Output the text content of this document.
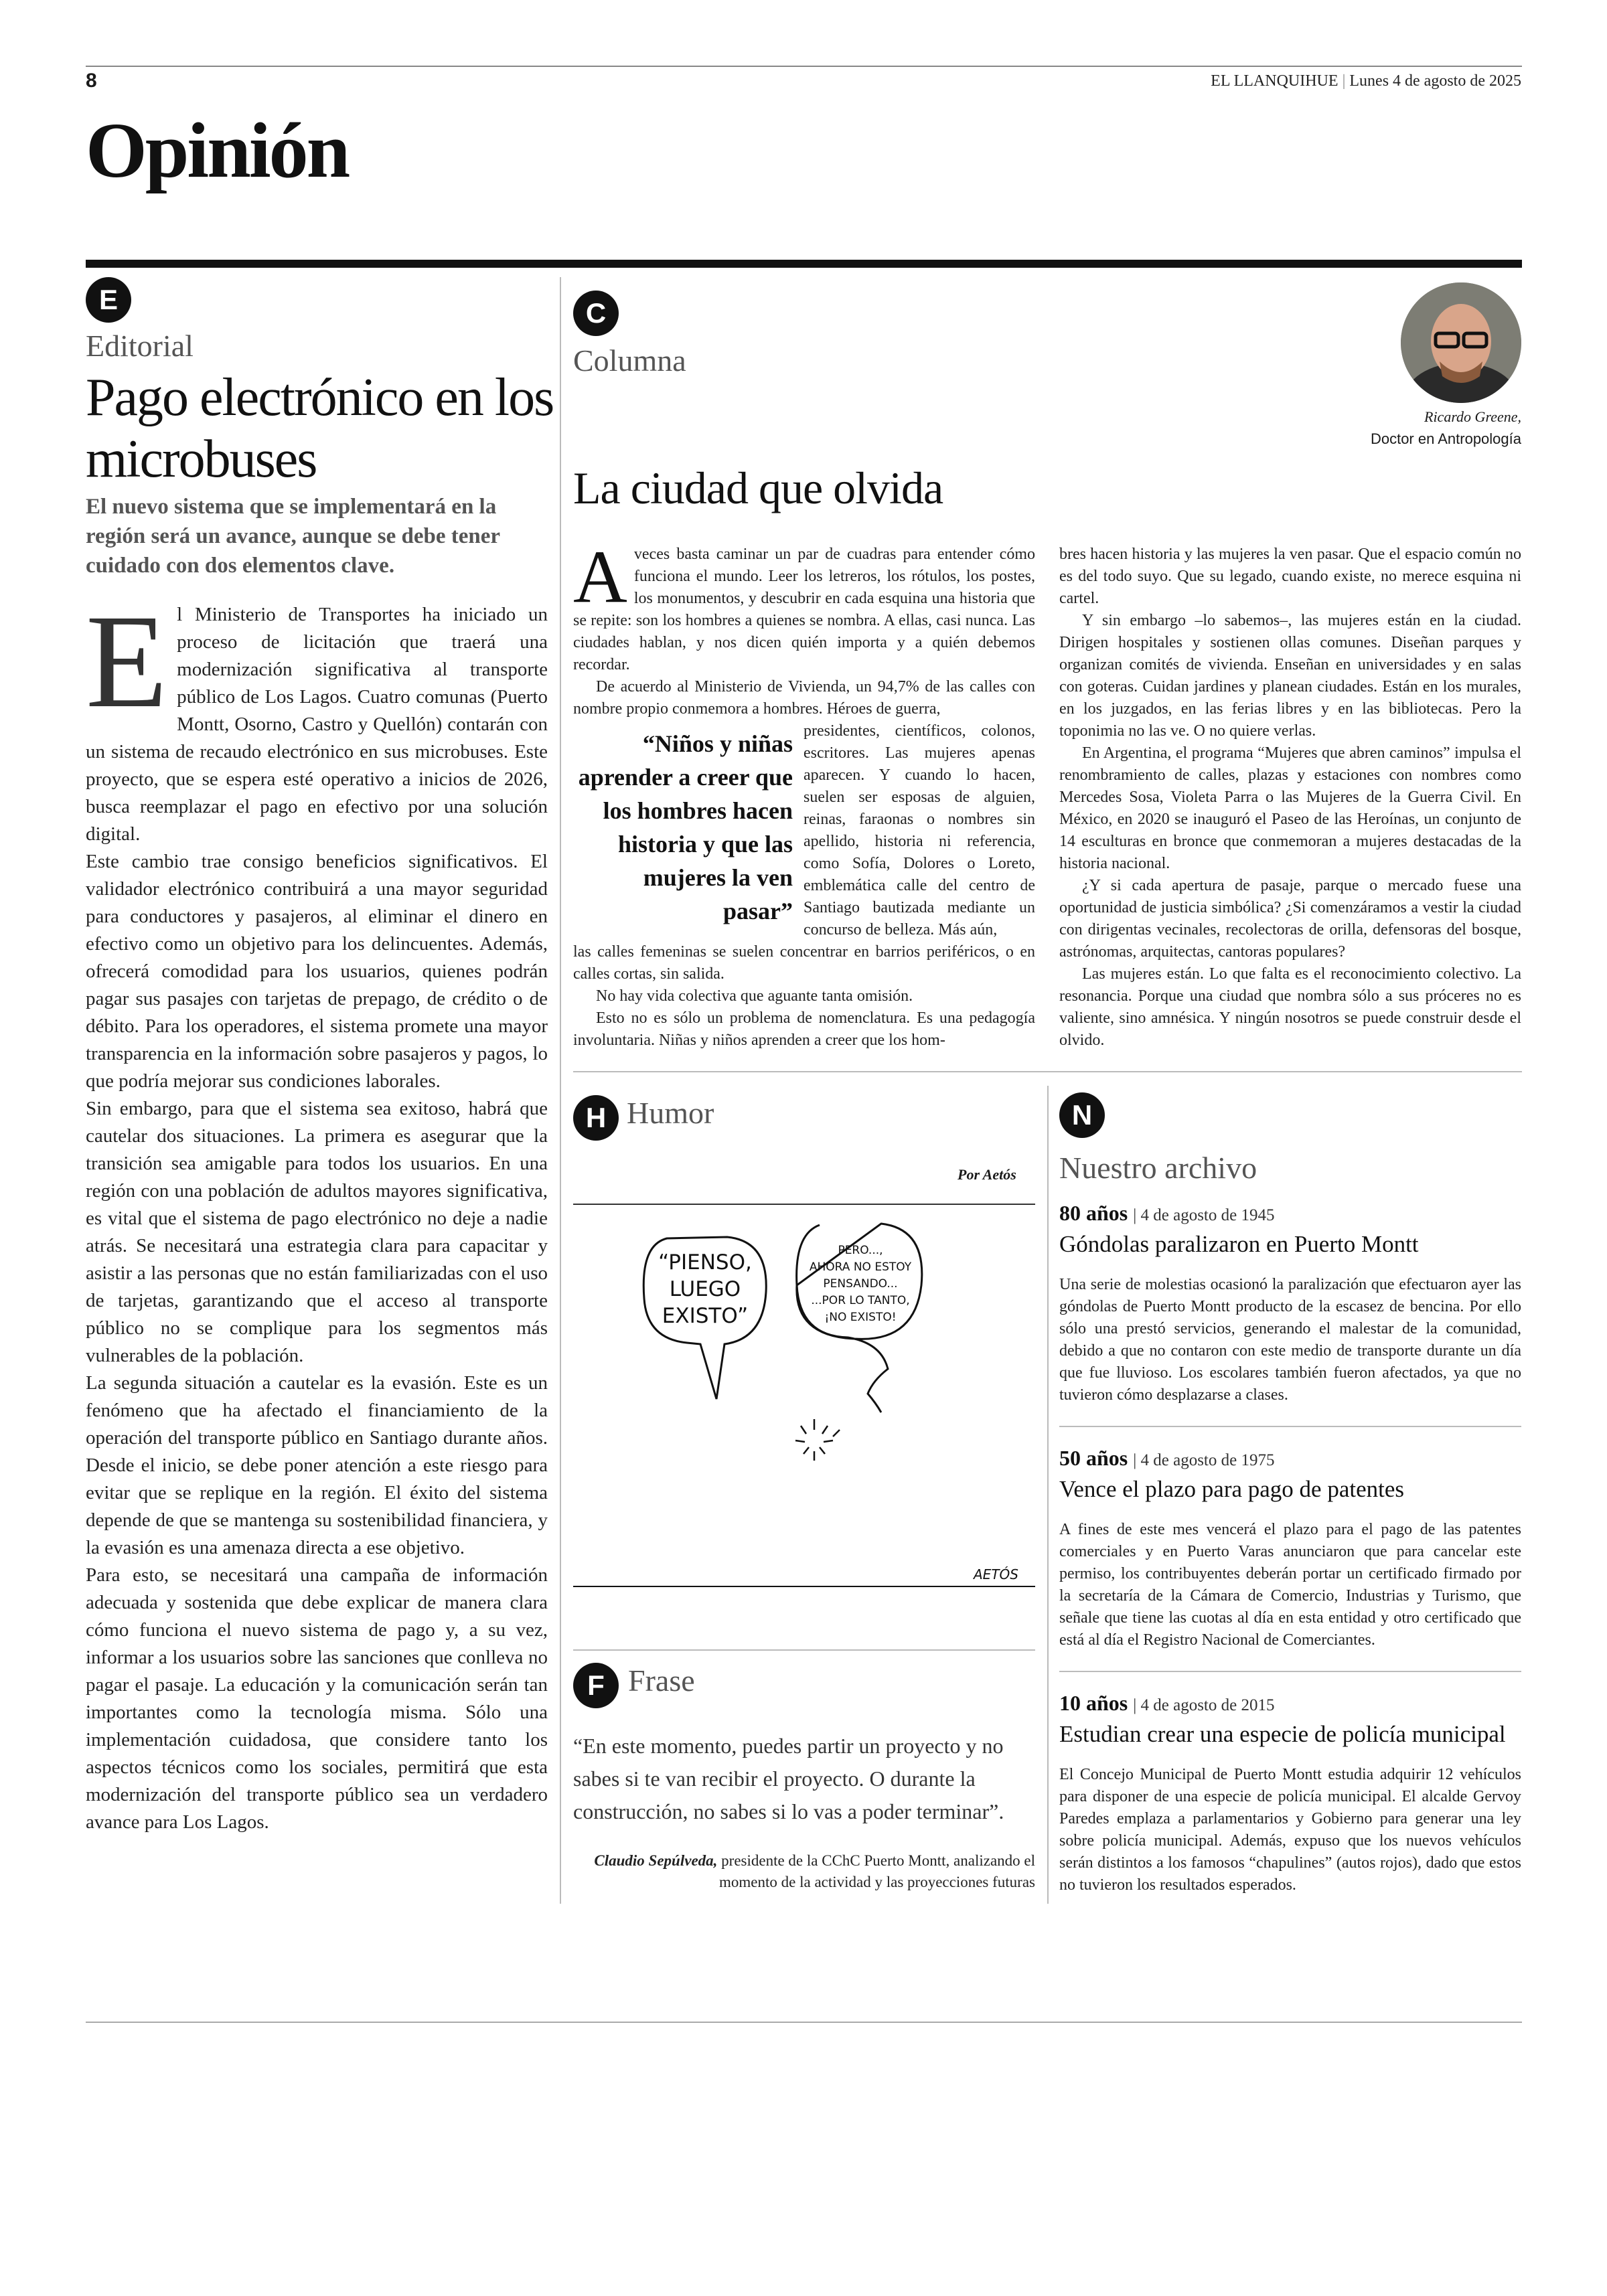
8	EL LLANQUIHUE | Lunes 4 de agosto de 2025
Opinión
E
Editorial
Pago electrónico en los microbuses
El nuevo sistema que se implementará en la región será un avance, aunque se debe tener cuidado con dos elementos clave.
E l Ministerio de Transportes ha iniciado un proceso de licitación que traerá una modernización significativa al transporte público de Los Lagos. Cuatro comunas (Puerto Montt, Osorno, Castro y Quellón) contarán con un sistema de recaudo electrónico en sus microbuses. Este proyecto, que se espera esté operativo a inicios de 2026, busca reemplazar el pago en efectivo por una solución digital.

Este cambio trae consigo beneficios significativos. El validador electrónico contribuirá a una mayor seguridad para conductores y pasajeros, al eliminar el dinero en efectivo como un objetivo para los delincuentes. Además, ofrecerá comodidad para los usuarios, quienes podrán pagar sus pasajes con tarjetas de prepago, de crédito o de débito. Para los operadores, el sistema promete una mayor transparencia en la información sobre pasajeros y pagos, lo que podría mejorar sus condiciones laborales.

Sin embargo, para que el sistema sea exitoso, habrá que cautelar dos situaciones. La primera es asegurar que la transición sea amigable para todos los usuarios. En una región con una población de adultos mayores significativa, es vital que el sistema de pago electrónico no deje a nadie atrás. Se necesitará una estrategia clara para capacitar y asistir a las personas que no están familiarizadas con el uso de tarjetas, garantizando que el acceso al transporte público no se complique para los segmentos más vulnerables de la población.

La segunda situación a cautelar es la evasión. Este es un fenómeno que ha afectado el financiamiento de la operación del transporte público en Santiago durante años. Desde el inicio, se debe poner atención a este riesgo para evitar que se replique en la región. El éxito del sistema depende de que se mantenga su sostenibilidad financiera, y la evasión es una amenaza directa a ese objetivo.

Para esto, se necesitará una campaña de información adecuada y sostenida que debe explicar de manera clara cómo funciona el nuevo sistema de pago y, a su vez, informar a los usuarios sobre las sanciones que conlleva no pagar el pasaje. La educación y la comunicación serán tan importantes como la tecnología misma. Sólo una implementación cuidadosa, que considere tanto los aspectos técnicos como los sociales, permitirá que esta modernización del transporte público sea un verdadero avance para Los Lagos.

C
Columna
Ricardo Greene,
Doctor en Antropología
La ciudad que olvida
A veces basta caminar un par de cuadras para entender cómo funciona el mundo. Leer los letreros, los rótulos, los postes, los monumentos, y descubrir en cada esquina una historia que se repite: son los hombres a quienes se nombra. A ellas, casi nunca. Las ciudades hablan, y nos dicen quién importa y a quién debemos recordar.

De acuerdo al Ministerio de Vivienda, un 94,7% de las calles con nombre propio conmemora a hombres. Héroes de guerra,

“Niños y niñas aprender a creer que los hombres hacen historia y que las mujeres la ven pasar”
presidentes, científicos, colonos, escritores. Las mujeres apenas aparecen. Y cuando lo hacen, suelen ser esposas de alguien, reinas, faraonas o nombres sin apellido, historia ni referencia, como Sofía, Dolores o Loreto, emblemática calle del centro de Santiago bautizada mediante un concurso de belleza. Más aún,

las calles femeninas se suelen concentrar en barrios periféricos, o en calles cortas, sin salida.

No hay vida colectiva que aguante tanta omisión.

Esto no es sólo un problema de nomenclatura. Es una pedagogía involuntaria. Niñas y niños aprenden a creer que los hom-

bres hacen historia y las mujeres la ven pasar. Que el espacio común no es del todo suyo. Que su legado, cuando existe, no merece esquina ni cartel.

Y sin embargo –lo sabemos–, las mujeres están en la ciudad. Dirigen hospitales y sostienen ollas comunes. Diseñan parques y organizan comités de vivienda. Enseñan en universidades y en salas con goteras. Cuidan jardines y planean ciudades. Están en los murales, en los juzgados, en las ferias libres y en las bibliotecas. Pero la toponimia no las ve. O no quiere verlas.

En Argentina, el programa “Mujeres que abren caminos” impulsa el renombramiento de calles, plazas y estaciones con nombres como Mercedes Sosa, Violeta Parra o las Mujeres de la Guerra Civil. En México, en 2020 se inauguró el Paseo de las Heroínas, un conjunto de 14 esculturas en bronce que conmemoran a mujeres destacadas de la historia nacional.

¿Y si cada apertura de pasaje, parque o mercado fuese una oportunidad de justicia simbólica? ¿Si comenzáramos a vestir la ciudad con dirigentas vecinales, recolectoras de orilla, defensoras del bosque, astrónomas, arquitectas, cantoras populares?

Las mujeres están. Lo que falta es el reconocimiento colectivo. La resonancia. Porque una ciudad que nombra sólo a sus próceres no es valiente, sino amnésica. Y ningún nosotros se puede construir desde el olvido.

H Humor
Por Aetós
“PIENSO,
LUEGO
EXISTO”
PERO...,
AHORA NO ESTOY
PENSANDO...
...POR LO TANTO,
¡NO EXISTO!
AETÓS
F Frase
“En este momento, puedes partir un proyecto y no sabes si te van recibir el proyecto. O durante la construcción, no sabes si lo vas a poder terminar”.
Claudio Sepúlveda, presidente de la CChC Puerto Montt, analizando el momento de la actividad y las proyecciones futuras
N
Nuestro archivo
80 años | 4 de agosto de 1945
Góndolas paralizaron en Puerto Montt
Una serie de molestias ocasionó la paralización que efectuaron ayer las góndolas de Puerto Montt producto de la escasez de bencina. Por ello sólo una prestó servicios, generando el malestar de la comunidad, debido a que no contaron con este medio de transporte durante un día que fue lluvioso. Los escolares también fueron afectados, ya que no tuvieron cómo desplazarse a clases.
50 años | 4 de agosto de 1975
Vence el plazo para pago de patentes
A fines de este mes vencerá el plazo para el pago de las patentes comerciales y en Puerto Varas anunciaron que para cancelar este permiso, los contribuyentes deberán portar un certificado firmado por la secretaría de la Cámara de Comercio, Industrias y Turismo, que señale que tiene las cuotas al día en esta entidad y otro certificado que está al día el Registro Nacional de Comerciantes.
10 años | 4 de agosto de 2015
Estudian crear una especie de policía municipal
El Concejo Municipal de Puerto Montt estudia adquirir 12 vehículos para disponer de una especie de policía municipal. El alcalde Gervoy Paredes emplaza a parlamentarios y Gobierno para generar una ley sobre policía municipal. Además, expuso que los nuevos vehículos serán distintos a los famosos “chapulines” (autos rojos), dado que estos no tuvieron los resultados esperados.
